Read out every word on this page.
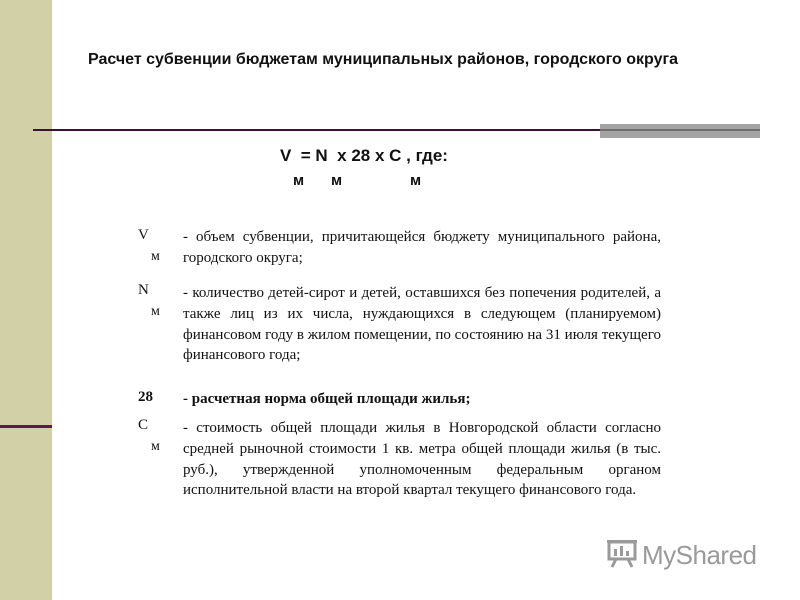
Расчет субвенции бюджетам муниципальных районов, городского округа
V  = N  x 28 x C , где:
м м	м
V
м
- объем субвенции, причитающейся бюджету муниципального района, городского округа;
N
м
- количество детей-сирот и детей, оставшихся без попечения родителей, а также лиц из их числа, нуждающихся в следующем (планируемом) финансовом году в жилом помещении, по состоянию на 31 июля текущего финансового года;
28 - расчетная норма общей площади жилья;
C
м
- стоимость общей площади жилья в Новгородской области согласно средней рыночной стоимости 1 кв. метра общей площади жилья (в тыс. руб.), утвержденной уполномоченным федеральным органом исполнительной власти на второй квартал текущего финансового года.
MyShared
